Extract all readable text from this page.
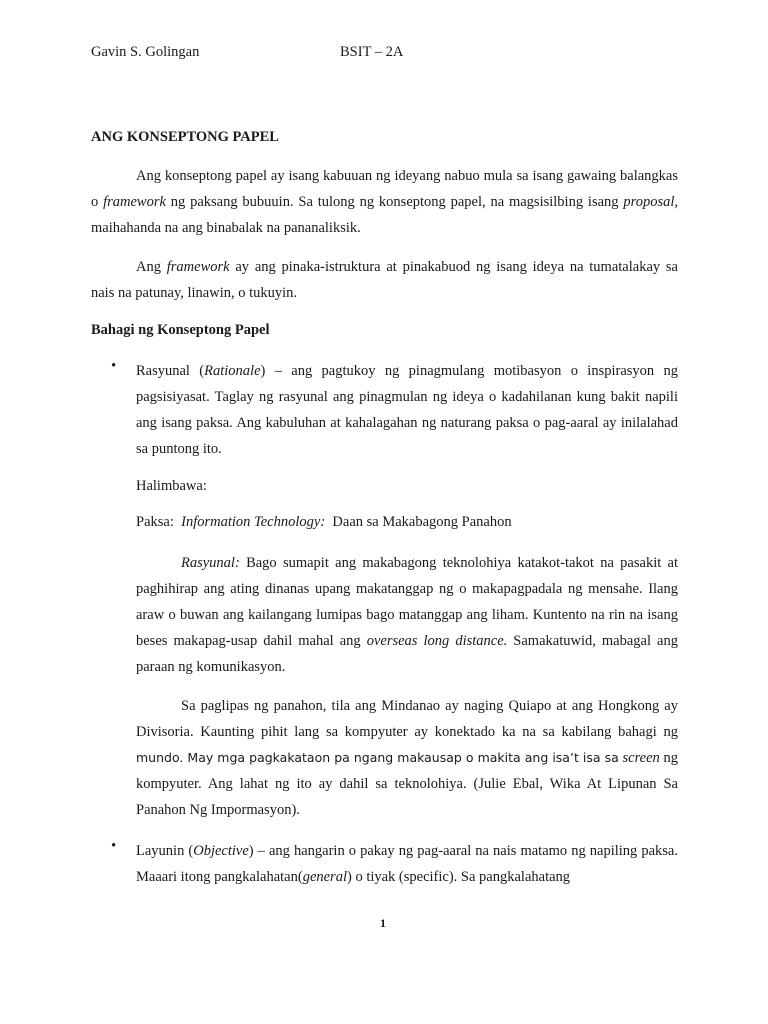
Gavin S. Golingan	BSIT – 2A
ANG KONSEPTONG PAPEL

Ang konseptong papel ay isang kabuuan ng ideyang nabuo mula sa isang gawaing balangkas o framework ng paksang bubuuin. Sa tulong ng konseptong papel, na magsisilbing isang proposal, maihahanda na ang binabalak na pananaliksik.

Ang framework ay ang pinaka-istruktura at pinakabuod ng isang ideya na tumatalakay sa nais na patunay, linawin, o tukuyin.

Bahagi ng Konseptong Papel
• Rasyunal (Rationale) – ang pagtukoy ng pinagmulang motibasyon o inspirasyon ng pagsisiyasat. Taglay ng rasyunal ang pinagmulan ng ideya o kadahilanan kung bakit napili ang isang paksa. Ang kabuluhan at kahalagahan ng naturang paksa o pag-aaral ay inilalahad sa puntong ito.

Halimbawa:
Paksa:  Information Technology:  Daan sa Makabagong Panahon

Rasyunal: Bago sumapit ang makabagong teknolohiya katakot-takot na pasakit at paghihirap ang ating dinanas upang makatanggap ng o makapagpadala ng mensahe. Ilang araw o buwan ang kailangang lumipas bago matanggap ang liham. Kuntento na rin na isang beses makapag-usap dahil mahal ang overseas long distance. Samakatuwid, mabagal ang paraan ng komunikasyon.

Sa paglipas ng panahon, tila ang Mindanao ay naging Quiapo at ang Hongkong ay Divisoria. Kaunting pihit lang sa kompyuter ay konektado ka na sa kabilang bahagi ng mundo. May mga pagkakataon pa ngang makausap o makita ang isa’t isa sa screen ng kompyuter. Ang lahat ng ito ay dahil sa teknolohiya. (Julie Ebal, Wika At Lipunan Sa Panahon Ng Impormasyon).

• Layunin (Objective) – ang hangarin o pakay ng pag-aaral na nais matamo ng napiling paksa. Maaari itong pangkalahatan(general) o tiyak (specific). Sa pangkalahatang

1
